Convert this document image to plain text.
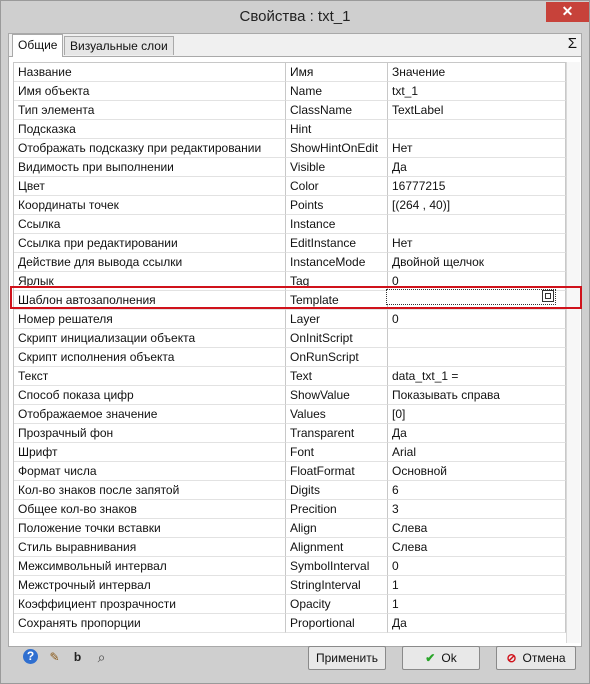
Свойства : txt_1	✕
Общие	Визуальные слои	Σ
Название	Имя	Значение
Имя объекта	Name	txt_1
Тип элемента	ClassName	TextLabel
Подсказка	Hint
Отображать подсказку при редактировании	ShowHintOnEdit	Нет
Видимость при выполнении	Visible	Да
Цвет	Color	16777215
Координаты точек	Points	[(264 , 40)]
Ссылка	Instance
Ссылка при редактировании	EditInstance	Нет
Действие для вывода ссылки	InstanceMode	Двойной щелчок
Ярлык	Tag	0
Шаблон автозаполнения	Template
Номер решателя	Layer	0
Скрипт инициализации объекта	OnInitScript
Скрипт исполнения объекта	OnRunScript
Текст	Text	data_txt_1 =
Способ показа цифр	ShowValue	Показывать справа
Отображаемое значение	Values	[0]
Прозрачный фон	Transparent	Да
Шрифт	Font	Arial
Формат числа	FloatFormat	Основной
Кол-во знаков после запятой	Digits	6
Общее кол-во знаков	Precition	3
Положение точки вставки	Align	Слева
Стиль выравнивания	Alignment	Слева
Межсимвольный интервал	SymbolInterval	0
Межстрочный интервал	StringInterval	1
Коэффициент прозрачности	Opacity	1
Сохранять пропорции	Proportional	Да
?	✎	b	⌕	Применить	✔ Ok	⊘ Отмена
